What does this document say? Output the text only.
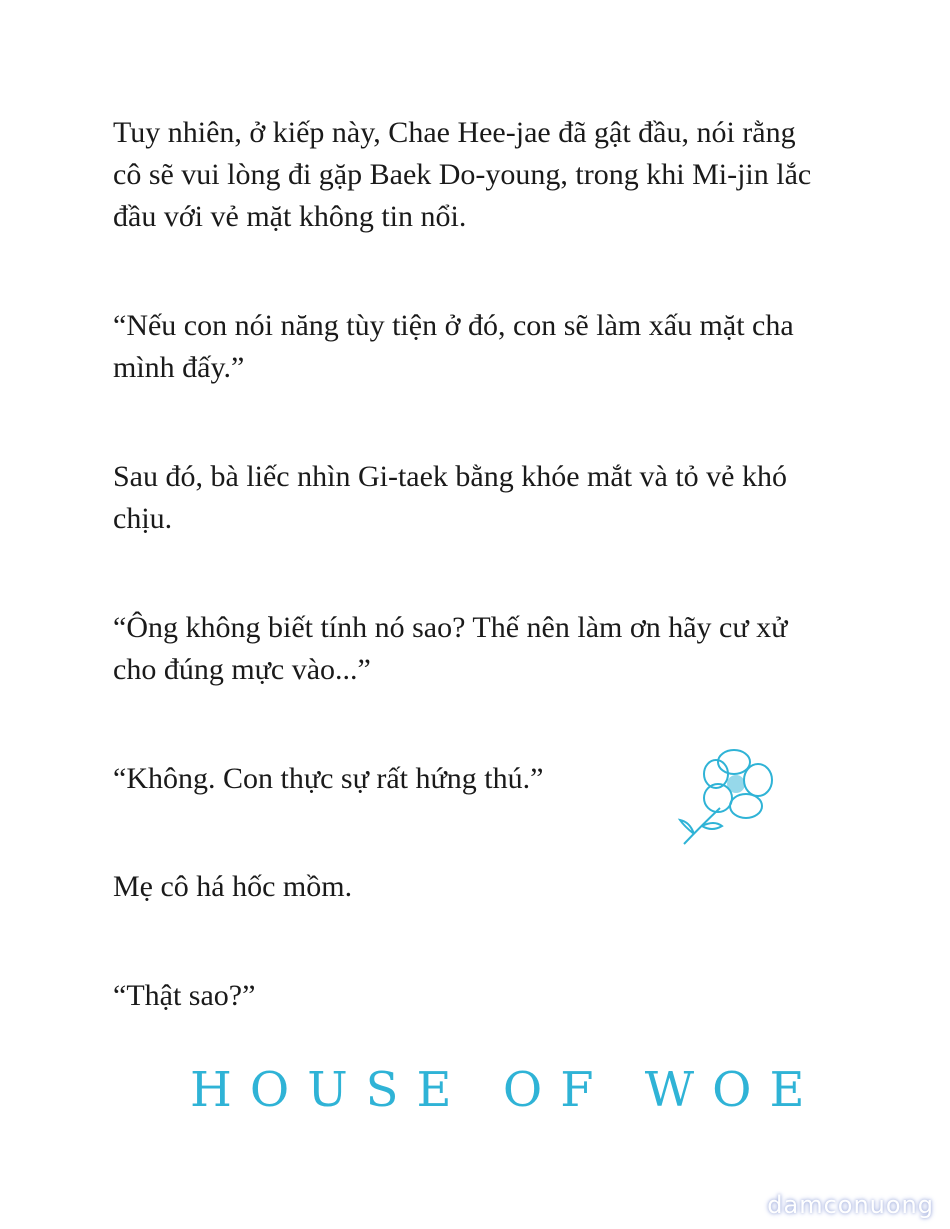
Tuy nhiên, ở kiếp này, Chae Hee-jae đã gật đầu, nói rằng
cô sẽ vui lòng đi gặp Baek Do-young, trong khi Mi-jin lắc
đầu với vẻ mặt không tin nổi.
“Nếu con nói năng tùy tiện ở đó, con sẽ làm xấu mặt cha
mình đấy.”
Sau đó, bà liếc nhìn Gi-taek bằng khóe mắt và tỏ vẻ khó
chịu.
“Ông không biết tính nó sao? Thế nên làm ơn hãy cư xử
cho đúng mực vào...”
“Không. Con thực sự rất hứng thú.”
Mẹ cô há hốc mồm.
“Thật sao?”
HOUSE OF WOE
damconuong
